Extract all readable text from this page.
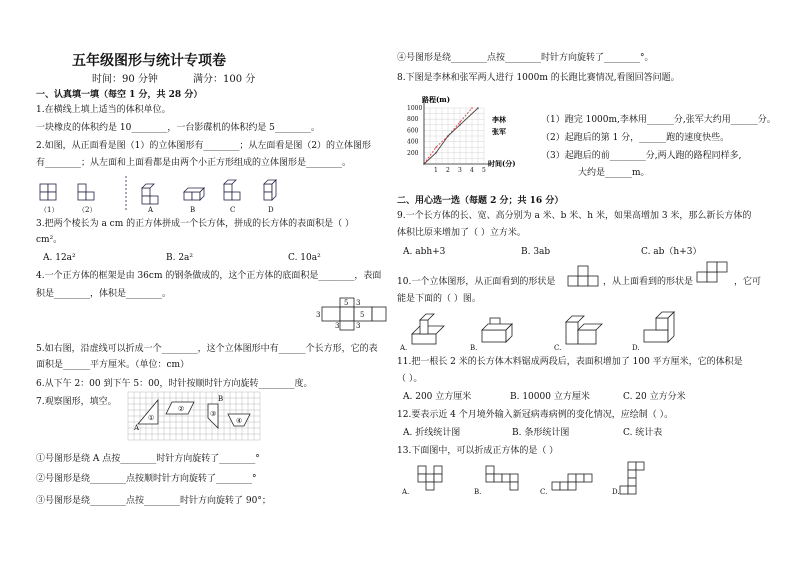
五年级图形与统计专项卷
时间：90 分钟	满分：100 分
一、认真填一填（每空 1 分，共 28 分）
1.在横线上填上适当的体积单位。
一块橡皮的体积约是 10________，一台影碟机的体积约是 5________。
2.如图，从正面看是图（1）的立体图形有________；从左面看是图（2）的立体图形
有________；从左面和上面看都是由两个小正方形组成的立体图形是________。
（1）	（2）	A	B	C	D
3.把两个棱长为 a cm 的正方体拼成一个长方体，拼成的长方体的表面积是（ ）
cm²。
A. 12a²	B. 2a²	C. 10a²
4.一个正方体的框架是由 36cm 的钢条做成的，这个正方体的底面积是________，表面
积是________，体积是________。
5
3
3
5
3 3
5.如右图，沿虚线可以折成一个________，这个立体图形中有______个长方形，它的表
面积是______平方厘米。（单位：cm）
6.从下午 2：00 到下午 5：00，时针按顺时针方向旋转________度。
7.观察图形，填空。
①
②
③
④
A
B
①号图形是绕 A 点按________时针方向旋转了________°
②号图形是绕________点按顺时针方向旋转了________°
③号图形是绕________点按________时针方向旋转了 90°；
④号图形是绕________点按________时针方向旋转了________°。
8.下图是李林和张军两人进行 1000m 的长跑比赛情况,看图回答问题。
200
400
600
800
1000
1 2 3 4 5
路程(m)
时间(分)
李林
张军
（1）跑完 1000m,李林用______分,张军大约用______分。
（2）起跑后的第 1 分，______跑的速度快些。
（3）起跑后的前________分,两人跑的路程同样多,
大约是______m。
二、用心选一选（每题 2 分；共 16 分）
9.一个长方体的长、宽、高分别为 a 米、b 米、h 米，如果高增加 3 米，那么新长方体的
体积比原来增加了（ ）立方米。
A. abh+3	B. 3ab	C. ab（h+3）
10.一个立体图形，从正面看到的形状是	，从上面看到的形状是	，它可
能是下面的（ ）图。
A.	B.	C.	D.
11.把一根长 2 米的长方体木料锯成两段后，表面积增加了 100 平方厘米，它的体积是
（ ）。
A. 200 立方厘米	B. 10000 立方厘米	C. 20 立方分米
12.要表示近 4 个月境外输入新冠病毒病例的变化情况，应绘制（ ）。
A. 折线统计图	B. 条形统计图	C. 统计表
13.下面图中，可以折成正方体的是（ ）
A.	B.	C.	D.
